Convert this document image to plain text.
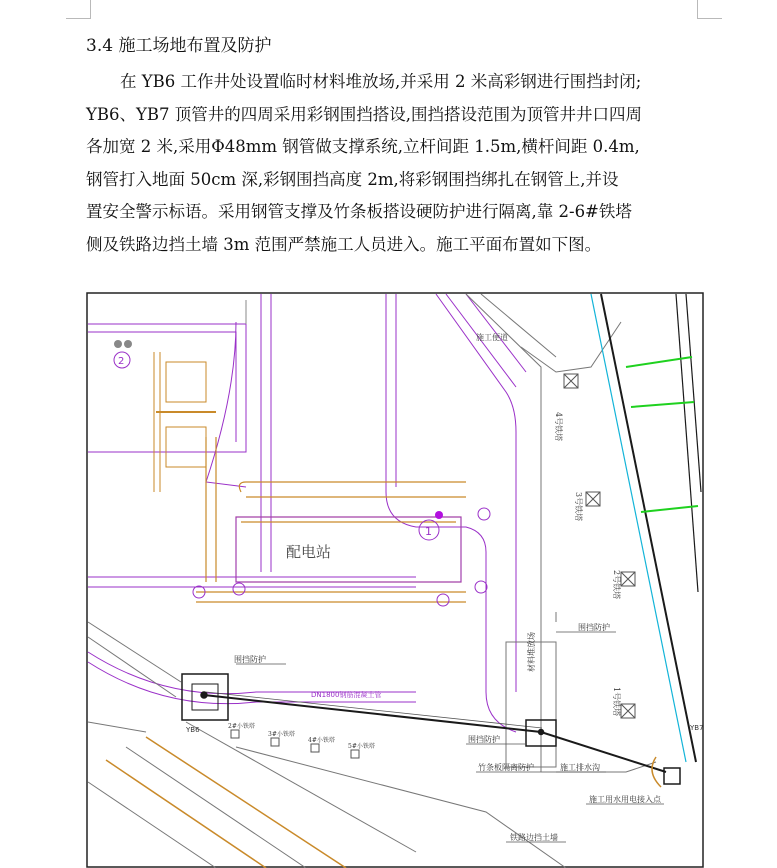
3.4 施工场地布置及防护

在 YB6 工作井处设置临时材料堆放场,并采用 2 米高彩钢进行围挡封闭;

YB6、YB7 顶管井的四周采用彩钢围挡搭设,围挡搭设范围为顶管井井口四周

各加宽 2 米,采用Φ48mm 钢管做支撑系统,立杆间距 1.5m,横杆间距 0.4m,

钢管打入地面 50cm 深,彩钢围挡高度 2m,将彩钢围挡绑扎在钢管上,并设

置安全警示标语。采用钢管支撑及竹条板搭设硬防护进行隔离,靠 2-6#铁塔

侧及铁路边挡土墙 3m 范围严禁施工人员进入。施工平面布置如下图。

配电站
1
2
施工便道
4号铁塔
3号铁塔
2号铁塔
1号铁塔
DN1800钢筋混凝土管
YB6	YB7
围挡防护
围挡防护
围挡防护
竹条板隔离防护	施工排水沟
施工用水用电接入点
铁路边挡土墙
材料堆放场
2#小铁塔
3#小铁塔
4#小铁塔
5#小铁塔
